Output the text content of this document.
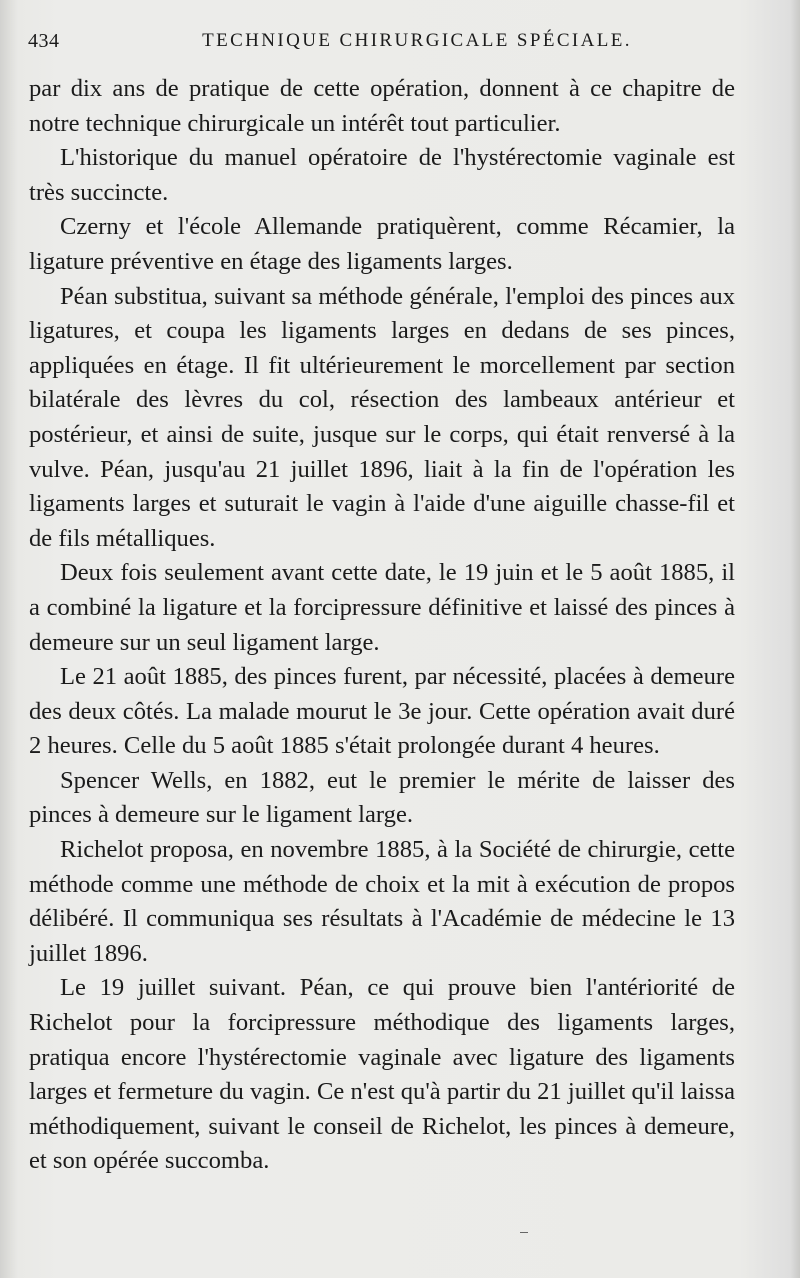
434	TECHNIQUE CHIRURGICALE SPÉCIALE.

par dix ans de pratique de cette opération, donnent à ce chapitre de notre technique chirurgicale un intérêt tout particulier.

L'historique du manuel opératoire de l'hystérectomie vaginale est très succincte.

Czerny et l'école Allemande pratiquèrent, comme Récamier, la ligature préventive en étage des ligaments larges.

Péan substitua, suivant sa méthode générale, l'emploi des pinces aux ligatures, et coupa les ligaments larges en dedans de ses pinces, appliquées en étage. Il fit ultérieurement le morcellement par section bilatérale des lèvres du col, résection des lambeaux antérieur et postérieur, et ainsi de suite, jusque sur le corps, qui était renversé à la vulve. Péan, jusqu'au 21 juillet 1896, liait à la fin de l'opération les ligaments larges et suturait le vagin à l'aide d'une aiguille chasse-fil et de fils métalliques.

Deux fois seulement avant cette date, le 19 juin et le 5 août 1885, il a combiné la ligature et la forcipressure définitive et laissé des pinces à demeure sur un seul ligament large.

Le 21 août 1885, des pinces furent, par nécessité, placées à demeure des deux côtés. La malade mourut le 3e jour. Cette opération avait duré 2 heures. Celle du 5 août 1885 s'était prolongée durant 4 heures.

Spencer Wells, en 1882, eut le premier le mérite de laisser des pinces à demeure sur le ligament large.

Richelot proposa, en novembre 1885, à la Société de chirurgie, cette méthode comme une méthode de choix et la mit à exécution de propos délibéré. Il communiqua ses résultats à l'Académie de médecine le 13 juillet 1896.

Le 19 juillet suivant. Péan, ce qui prouve bien l'antériorité de Richelot pour la forcipressure méthodique des ligaments larges, pratiqua encore l'hystérectomie vaginale avec ligature des ligaments larges et fermeture du vagin. Ce n'est qu'à partir du 21 juillet qu'il laissa méthodiquement, suivant le conseil de Richelot, les pinces à demeure, et son opérée succomba.
